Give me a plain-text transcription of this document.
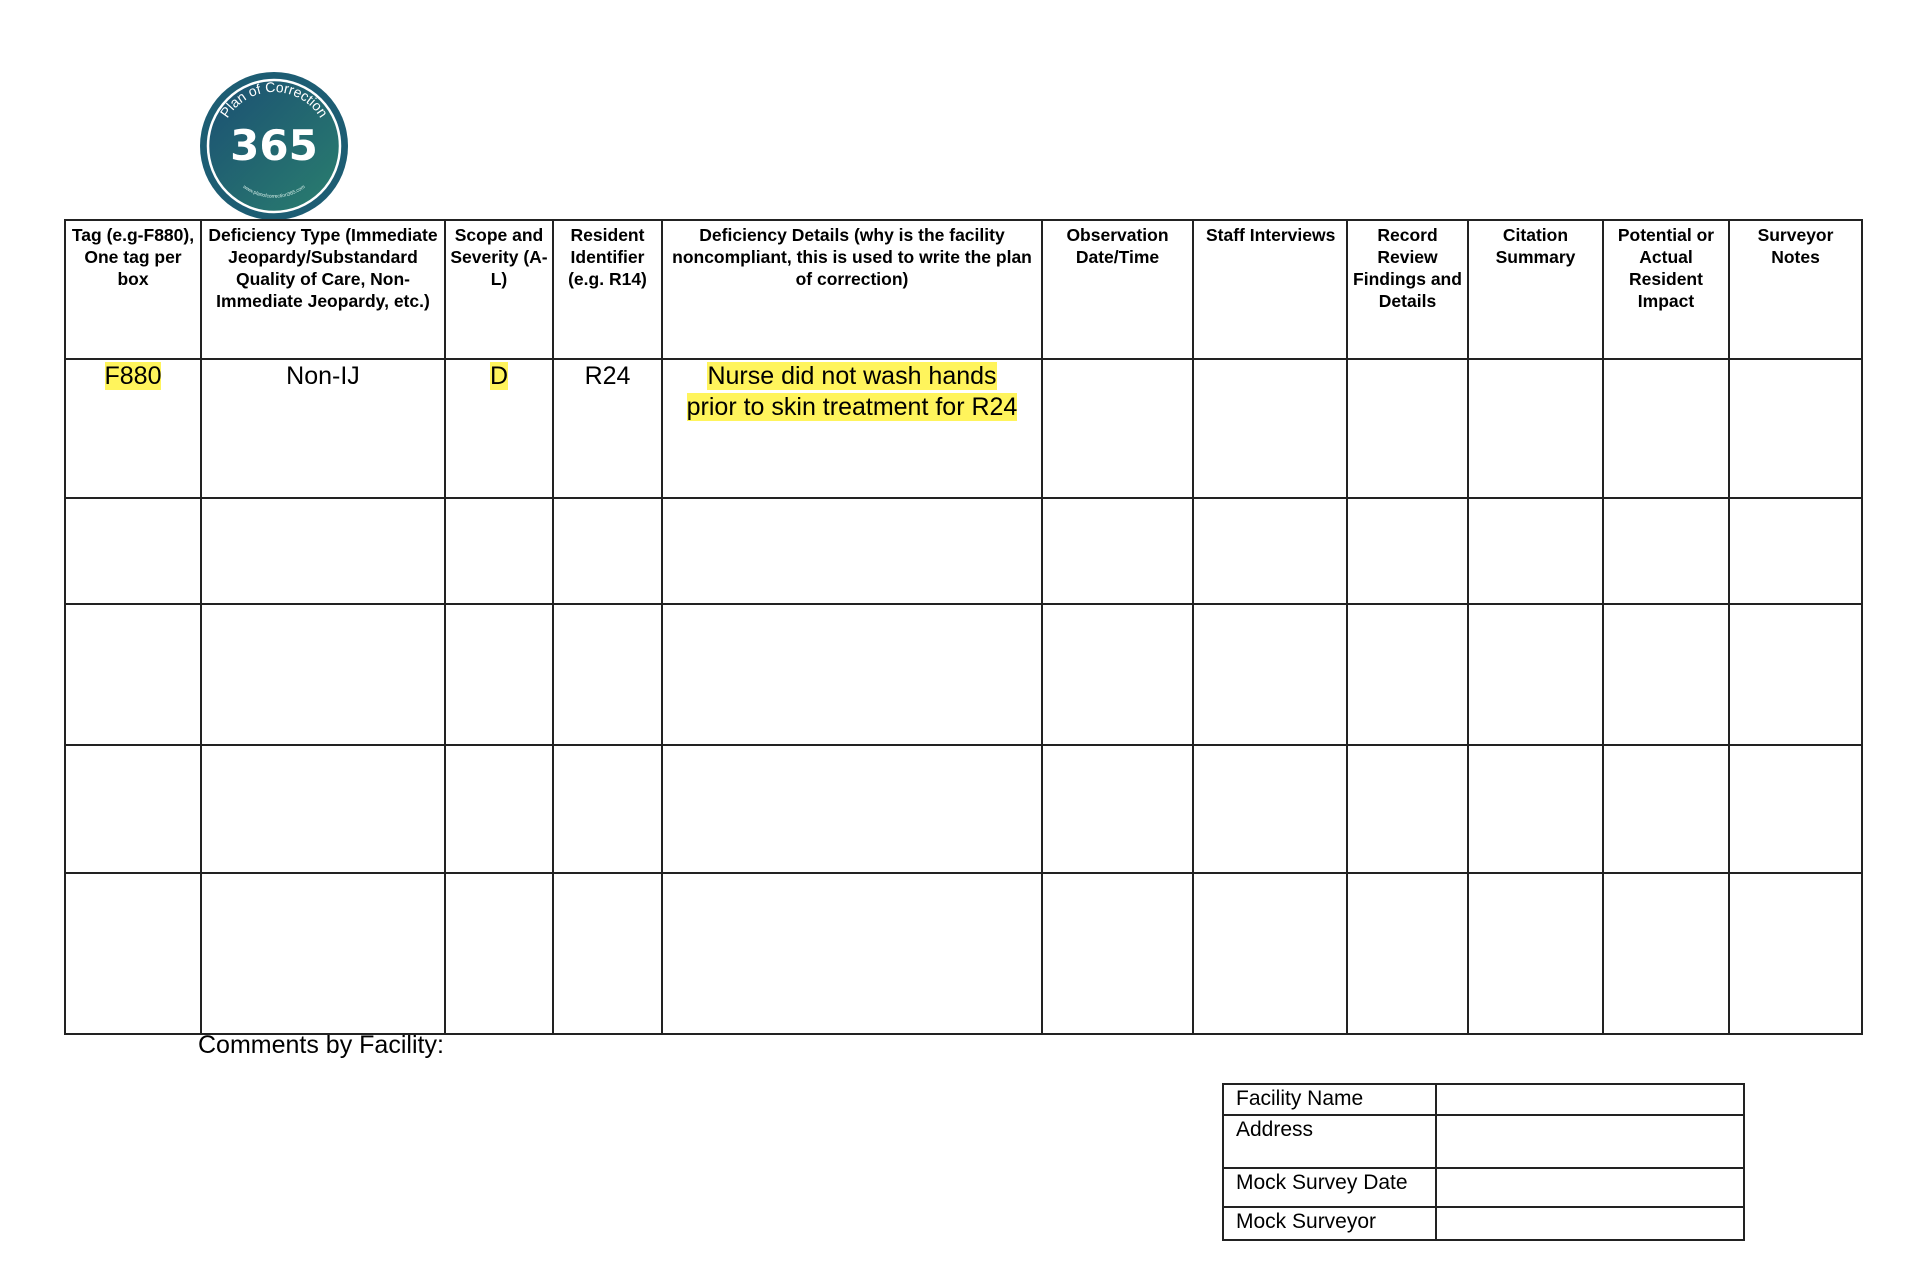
Plan of Correction
365
www.planofcorrection365.com
Tag (e.g-F880), One tag per box	Deficiency Type (Immediate Jeopardy/Substandard Quality of Care, Non-Immediate Jeopardy, etc.)	Scope and Severity (A-L)	Resident Identifier (e.g. R14)	Deficiency Details (why is the facility noncompliant, this is used to write the plan of correction)	Observation Date/Time	Staff Interviews	Record Review Findings and Details	Citation Summary	Potential or Actual Resident Impact	Surveyor Notes
F880	Non-IJ	D	R24	Nurse did not wash hands
prior to skin treatment for R24						

Comments by Facility:
Facility Name	
Address	
Mock Survey Date	
Mock Surveyor	
